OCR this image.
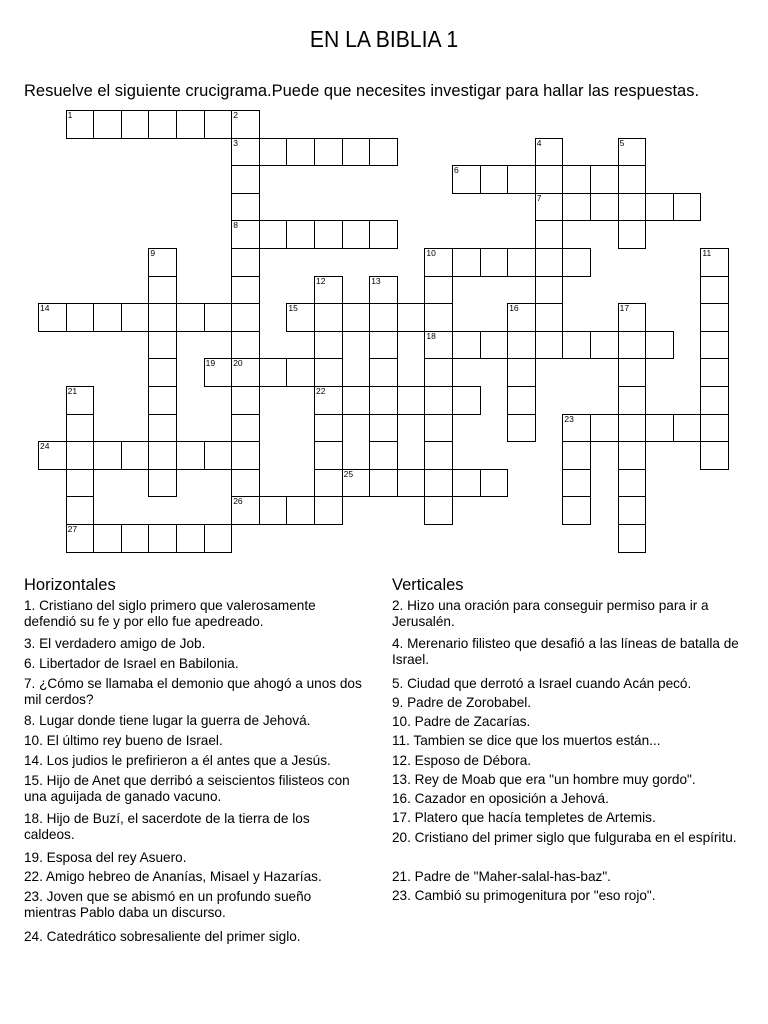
EN LA BIBLIA 1
Resuelve el siguiente crucigrama.Puede que necesites investigar para hallar las respuestas.
1	2
3	4	5
6
7
8
9	10	11
12	13
14	15	16	17
18
19 20
21	22
23
24
25
26
27
Horizontales	Verticales
1. Cristiano del siglo primero que valerosamente defendió su fe y por ello fue apedreado.
3. El verdadero amigo de Job.
6. Libertador de Israel en Babilonia.
7. ¿Cómo se llamaba el demonio que ahogó a unos dos mil cerdos?
8. Lugar donde tiene lugar la guerra de Jehová.
10. El último rey bueno de Israel.
14. Los judios le prefirieron a él antes que a Jesús.
15. Hijo de Anet que derribó a seiscientos filisteos con una aguijada de ganado vacuno.
18. Hijo de Buzí, el sacerdote de la tierra de los caldeos.
19. Esposa del rey Asuero.
22. Amigo hebreo de Ananías, Misael y Hazarías.
23. Joven que se abismó en un profundo sueño mientras Pablo daba un discurso.
24. Catedrático sobresaliente del primer siglo.
2. Hizo una oración para conseguir permiso para ir a Jerusalén.
4. Merenario filisteo que desafió a las líneas de batalla de Israel.
5. Ciudad que derrotó a Israel cuando Acán pecó.
9. Padre de Zorobabel.
10. Padre de Zacarías.
11. Tambien se dice que los muertos están...
12. Esposo de Débora.
13. Rey de Moab que era "un hombre muy gordo".
16. Cazador en oposición a Jehová.
17. Platero que hacía templetes de Artemis.
20. Cristiano del primer siglo que fulguraba en el espíritu.
21. Padre de "Maher-salal-has-baz".
23. Cambió su primogenitura por "eso rojo".
